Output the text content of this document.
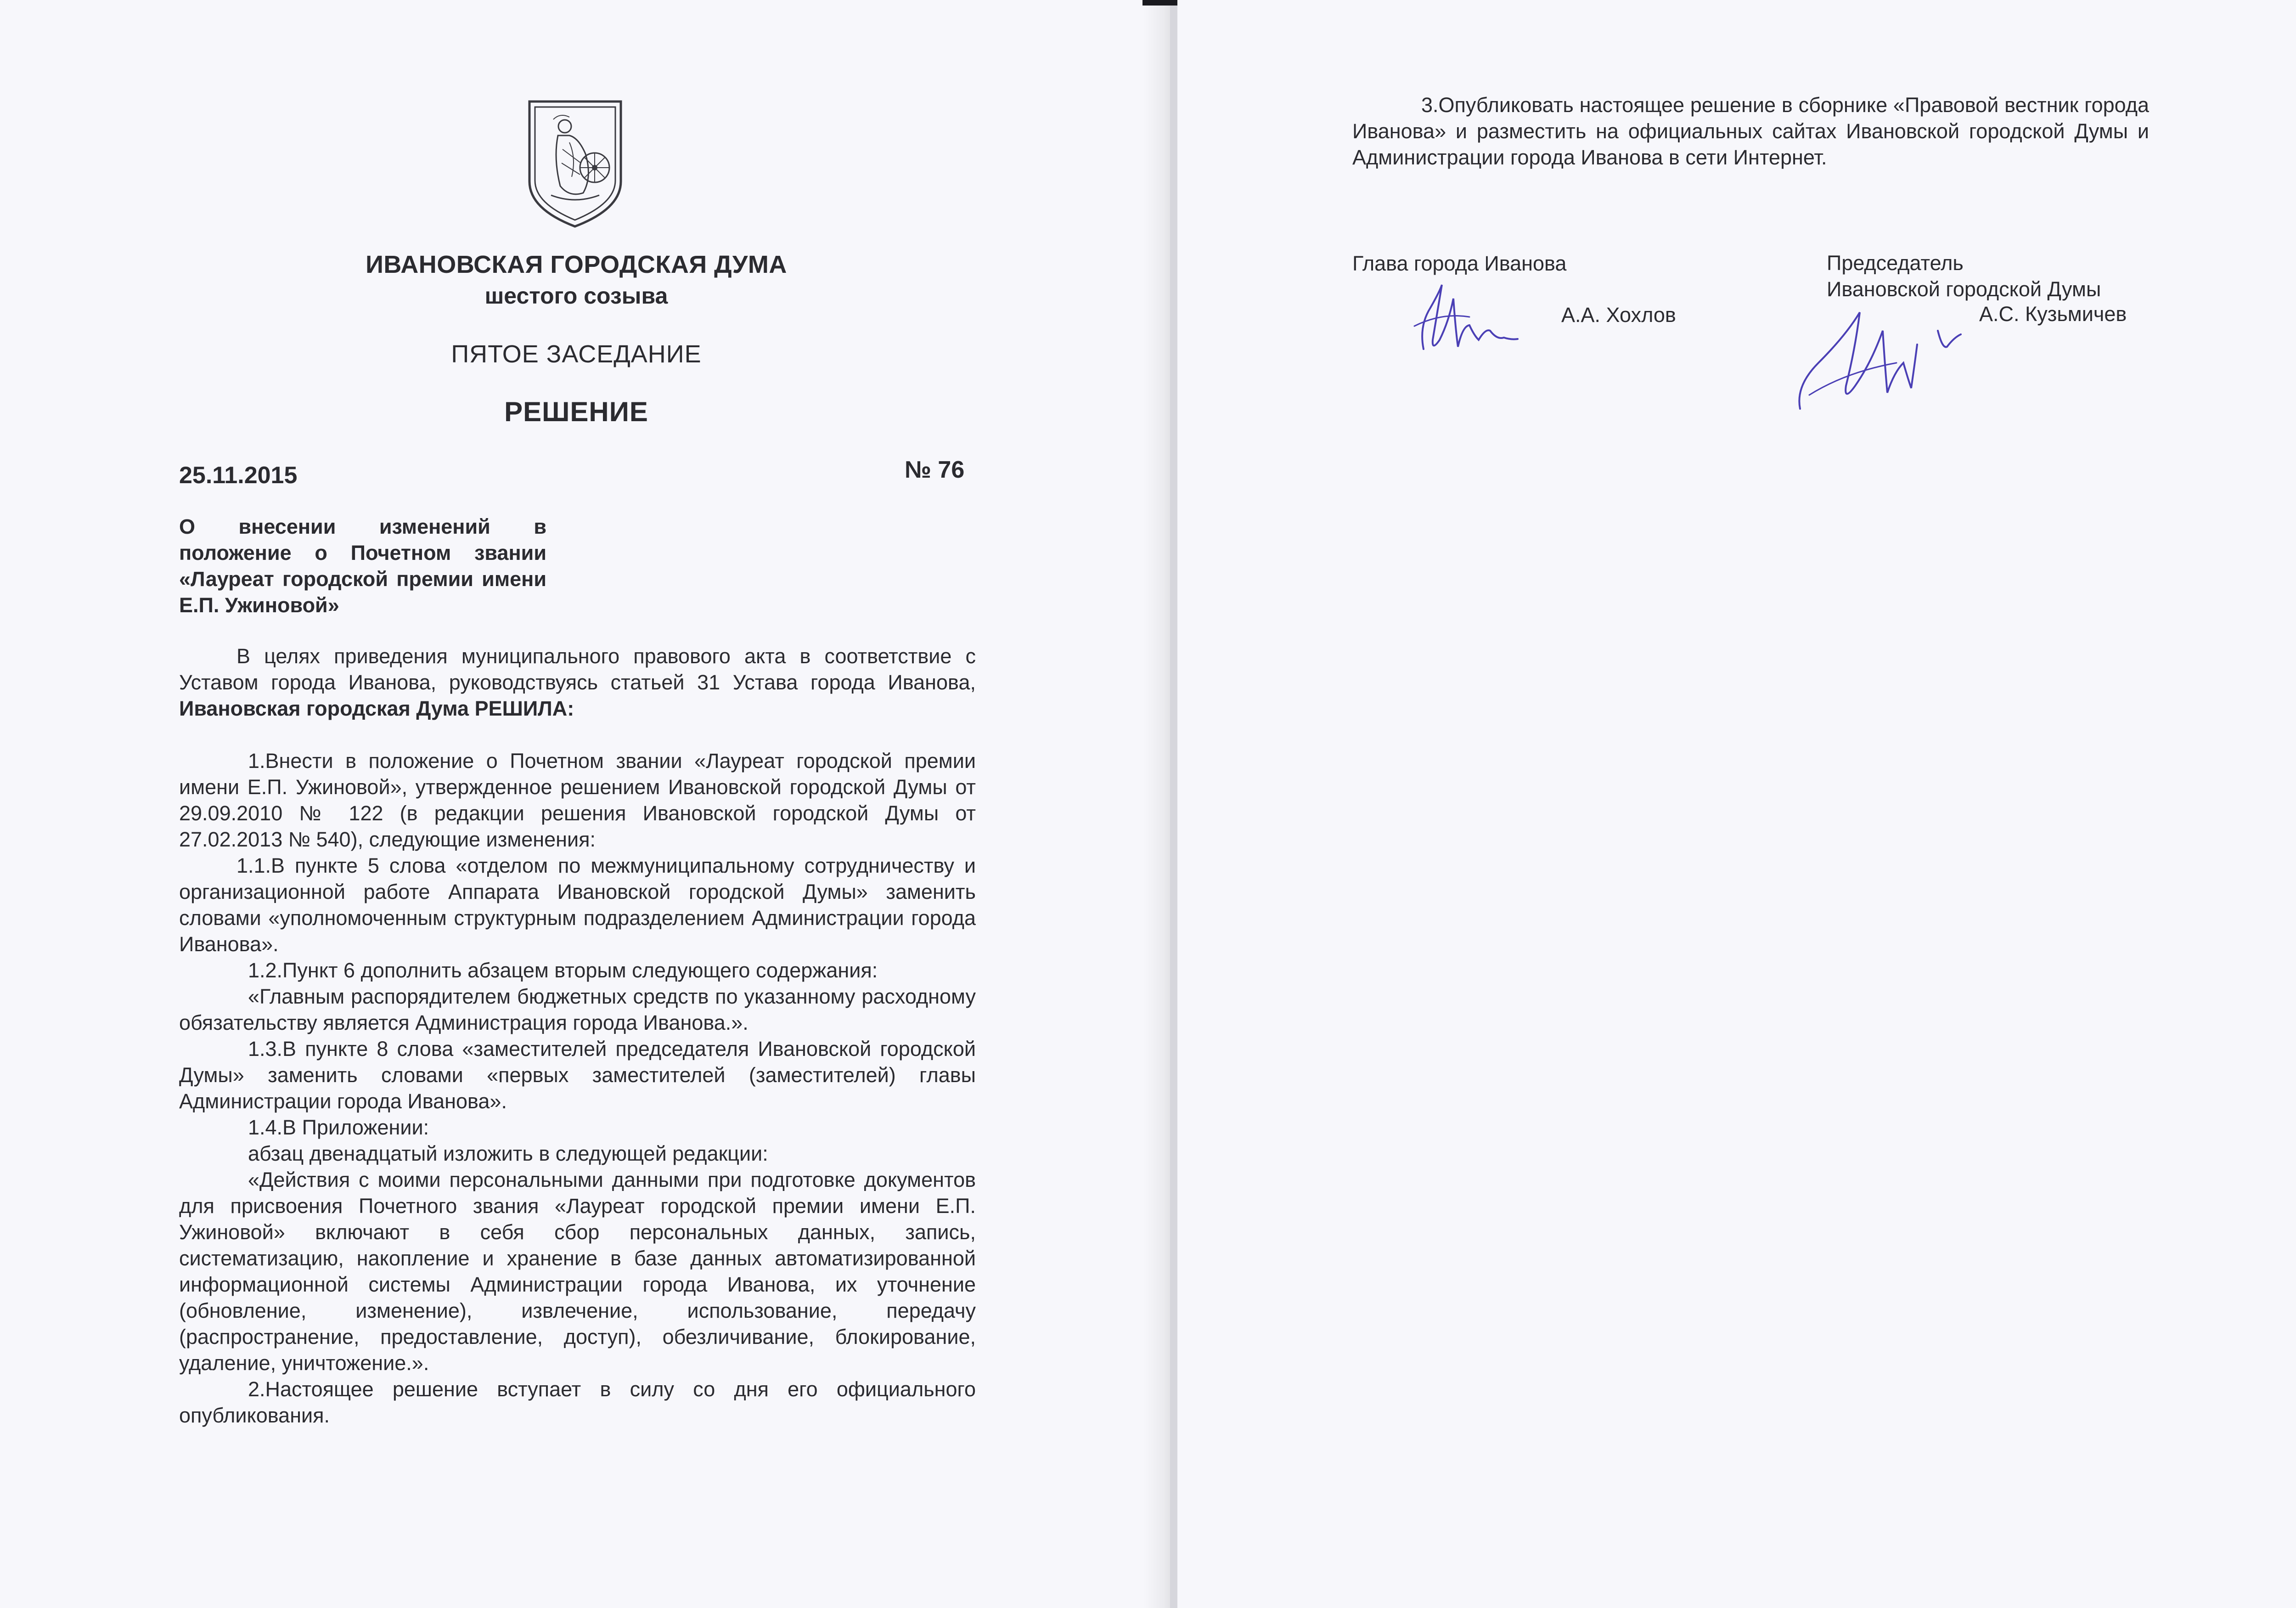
ИВАНОВСКАЯ ГОРОДСКАЯ ДУМА
шестого созыва
ПЯТОЕ ЗАСЕДАНИЕ
РЕШЕНИЕ
25.11.2015	№ 76
О внесении изменений в положение о Почетном звании «Лауреат городской премии имени Е.П. Ужиновой»

В целях приведения муниципального правового акта в соответствие с Уставом города Иванова, руководствуясь статьей 31 Устава города Иванова, Ивановская городская Дума РЕШИЛА:

1.Внести в положение о Почетном звании «Лауреат городской премии имени Е.П. Ужиновой», утвержденное решением Ивановской городской Думы от 29.09.2010 № 122 (в редакции решения Ивановской городской Думы от 27.02.2013 № 540), следующие изменения:

1.1.В пункте 5 слова «отделом по межмуниципальному сотрудничеству и организационной работе Аппарата Ивановской городской Думы» заменить словами «уполномоченным структурным подразделением Администрации города Иванова».

1.2.Пункт 6 дополнить абзацем вторым следующего содержания:

«Главным распорядителем бюджетных средств по указанному расходному обязательству является Администрация города Иванова.».

1.3.В пункте 8 слова «заместителей председателя Ивановской городской Думы» заменить словами «первых заместителей (заместителей) главы Администрации города Иванова».

1.4.В Приложении:

абзац двенадцатый изложить в следующей редакции:

«Действия с моими персональными данными при подготовке документов для присвоения Почетного звания «Лауреат городской премии имени Е.П. Ужиновой» включают в себя сбор персональных данных, запись, систематизацию, накопление и хранение в базе данных автоматизированной информационной системы Администрации города Иванова, их уточнение (обновление, изменение), извлечение, использование, передачу (распространение, предоставление, доступ), обезличивание, блокирование, удаление, уничтожение.».

2.Настоящее решение вступает в силу со дня его официального опубликования.

3.Опубликовать настоящее решение в сборнике «Правовой вестник города Иванова» и разместить на официальных сайтах Ивановской городской Думы и Администрации города Иванова в сети Интернет.

Глава города Иванова
А.А. Хохлов
Председатель
Ивановской городской Думы
А.С. Кузьмичев
